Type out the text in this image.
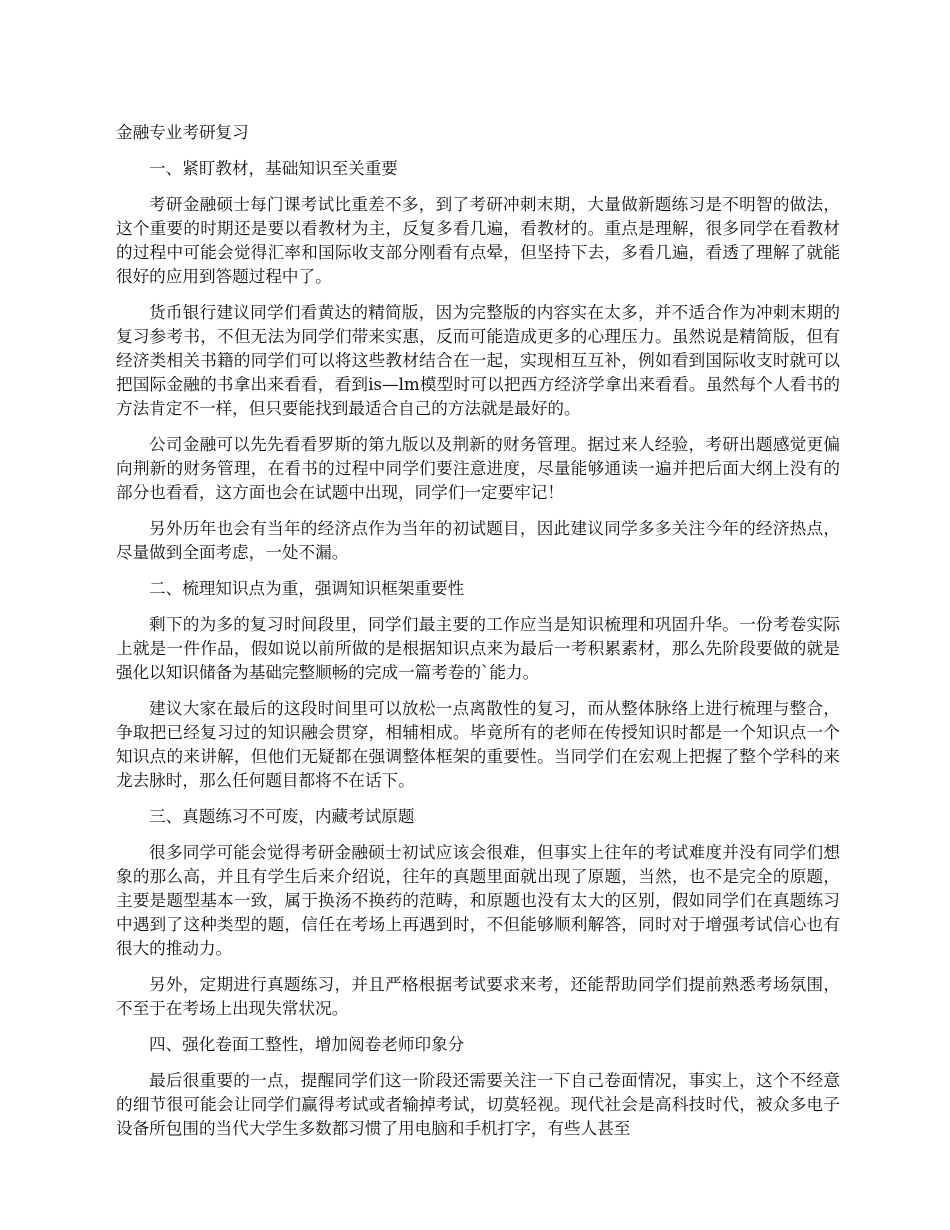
金融专业考研复习
一、紧盯教材，基础知识至关重要
考研金融硕士每门课考试比重差不多，到了考研冲刺末期，大量做新题练习是不明智的做法，这个重要的时期还是要以看教材为主，反复多看几遍，看教材的。重点是理解，很多同学在看教材的过程中可能会觉得汇率和国际收支部分刚看有点晕，但坚持下去，多看几遍，看透了理解了就能很好的应用到答题过程中了。
货币银行建议同学们看黄达的精简版，因为完整版的内容实在太多，并不适合作为冲刺末期的复习参考书，不但无法为同学们带来实惠，反而可能造成更多的心理压力。虽然说是精简版，但有经济类相关书籍的同学们可以将这些教材结合在一起，实现相互互补，例如看到国际收支时就可以把国际金融的书拿出来看看，看到is—lm模型时可以把西方经济学拿出来看看。虽然每个人看书的方法肯定不一样，但只要能找到最适合自己的方法就是最好的。
公司金融可以先先看看罗斯的第九版以及荆新的财务管理。据过来人经验，考研出题感觉更偏向荆新的财务管理，在看书的过程中同学们要注意进度，尽量能够通读一遍并把后面大纲上没有的部分也看看，这方面也会在试题中出现，同学们一定要牢记！
另外历年也会有当年的经济点作为当年的初试题目，因此建议同学多多关注今年的经济热点，尽量做到全面考虑，一处不漏。
二、梳理知识点为重，强调知识框架重要性
剩下的为多的复习时间段里，同学们最主要的工作应当是知识梳理和巩固升华。一份考卷实际上就是一件作品，假如说以前所做的是根据知识点来为最后一考积累素材，那么先阶段要做的就是强化以知识储备为基础完整顺畅的完成一篇考卷的`能力。
建议大家在最后的这段时间里可以放松一点离散性的复习，而从整体脉络上进行梳理与整合，争取把已经复习过的知识融会贯穿，相辅相成。毕竟所有的老师在传授知识时都是一个知识点一个知识点的来讲解，但他们无疑都在强调整体框架的重要性。当同学们在宏观上把握了整个学科的来龙去脉时，那么任何题目都将不在话下。
三、真题练习不可废，内藏考试原题
很多同学可能会觉得考研金融硕士初试应该会很难，但事实上往年的考试难度并没有同学们想象的那么高，并且有学生后来介绍说，往年的真题里面就出现了原题，当然，也不是完全的原题，主要是题型基本一致，属于换汤不换药的范畴，和原题也没有太大的区别，假如同学们在真题练习中遇到了这种类型的题，信任在考场上再遇到时，不但能够顺利解答，同时对于增强考试信心也有很大的推动力。
另外，定期进行真题练习，并且严格根据考试要求来考，还能帮助同学们提前熟悉考场氛围，不至于在考场上出现失常状况。
四、强化卷面工整性，增加阅卷老师印象分
最后很重要的一点，提醒同学们这一阶段还需要关注一下自己卷面情况，事实上，这个不经意的细节很可能会让同学们赢得考试或者输掉考试，切莫轻视。现代社会是高科技时代，被众多电子设备所包围的当代大学生多数都习惯了用电脑和手机打字，有些人甚至
